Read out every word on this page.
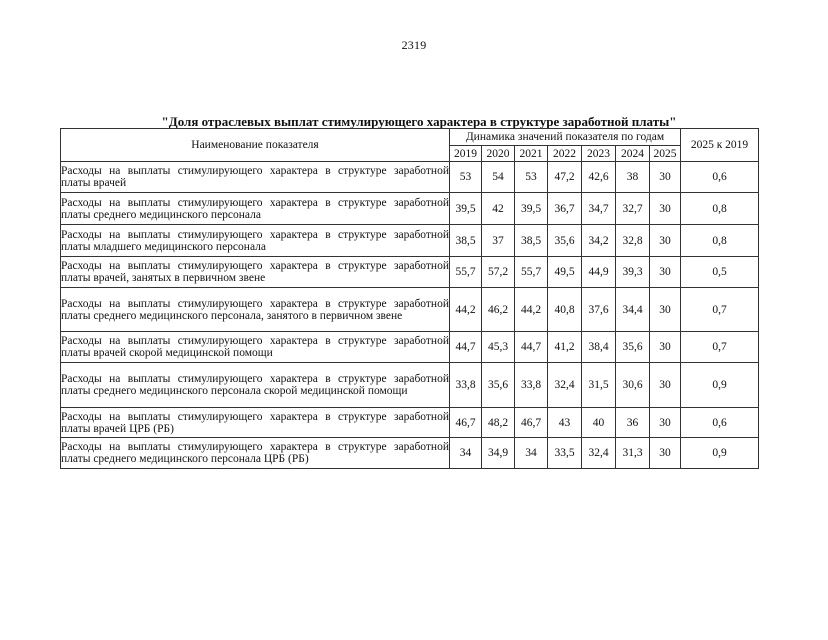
2319
"Доля отраслевых выплат стимулирующего характера в структуре заработной платы"
Наименование показателя	Динамика значений показателя по годам							2025 к 2019
	2019	2020	2021	2022	2023	2024	2025	
Расходы на выплаты стимулирующего характера в структуре заработной платы врачей	53	54	53	47,2	42,6	38	30	0,6
Расходы на выплаты стимулирующего характера в структуре заработной платы среднего медицинского персонала	39,5	42	39,5	36,7	34,7	32,7	30	0,8
Расходы на выплаты стимулирующего характера в структуре заработной платы младшего медицинского персонала	38,5	37	38,5	35,6	34,2	32,8	30	0,8
Расходы на выплаты стимулирующего характера в структуре заработной платы врачей, занятых в первичном звене	55,7	57,2	55,7	49,5	44,9	39,3	30	0,5
Расходы на выплаты стимулирующего характера в структуре заработной платы среднего медицинского персонала, занятого в первичном звене	44,2	46,2	44,2	40,8	37,6	34,4	30	0,7
Расходы на выплаты стимулирующего характера в структуре заработной платы врачей скорой медицинской помощи	44,7	45,3	44,7	41,2	38,4	35,6	30	0,7
Расходы на выплаты стимулирующего характера в структуре заработной платы среднего медицинского персонала скорой медицинской помощи	33,8	35,6	33,8	32,4	31,5	30,6	30	0,9
Расходы на выплаты стимулирующего характера в структуре заработной платы врачей ЦРБ (РБ)	46,7	48,2	46,7	43	40	36	30	0,6
Расходы на выплаты стимулирующего характера в структуре заработной платы среднего медицинского персонала ЦРБ (РБ)	34	34,9	34	33,5	32,4	31,3	30	0,9
